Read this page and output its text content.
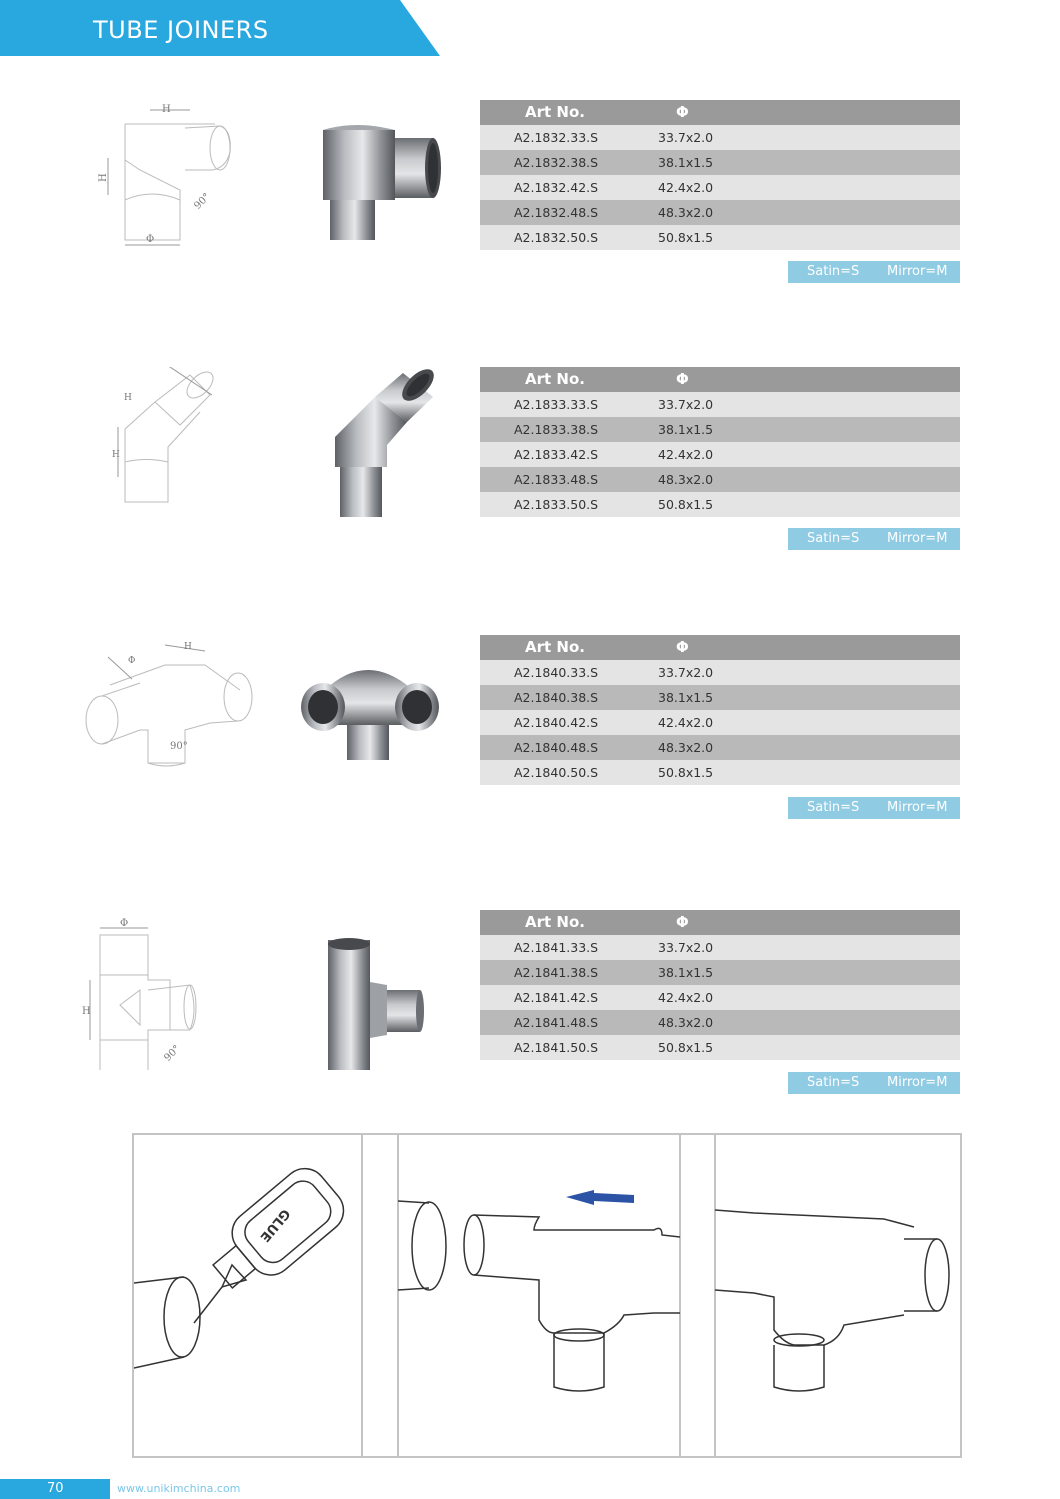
TUBE JOINERS
H
H
Φ
90°
Art No.	Φ
A2.1832.33.S	33.7x2.0
A2.1832.38.S	38.1x1.5
A2.1832.42.S	42.4x2.0
A2.1832.48.S	48.3x2.0
A2.1832.50.S	50.8x1.5
Satin=S Mirror=M
H
H
Art No.	Φ
A2.1833.33.S	33.7x2.0
A2.1833.38.S	38.1x1.5
A2.1833.42.S	42.4x2.0
A2.1833.48.S	48.3x2.0
A2.1833.50.S	50.8x1.5
Satin=S Mirror=M
Φ
H
90°
Art No.	Φ
A2.1840.33.S	33.7x2.0
A2.1840.38.S	38.1x1.5
A2.1840.42.S	42.4x2.0
A2.1840.48.S	48.3x2.0
A2.1840.50.S	50.8x1.5
Satin=S Mirror=M
Φ
H
90°
Art No.	Φ
A2.1841.33.S	33.7x2.0
A2.1841.38.S	38.1x1.5
A2.1841.42.S	42.4x2.0
A2.1841.48.S	48.3x2.0
A2.1841.50.S	50.8x1.5
Satin=S Mirror=M
GLUE
70	www.unikimchina.com
